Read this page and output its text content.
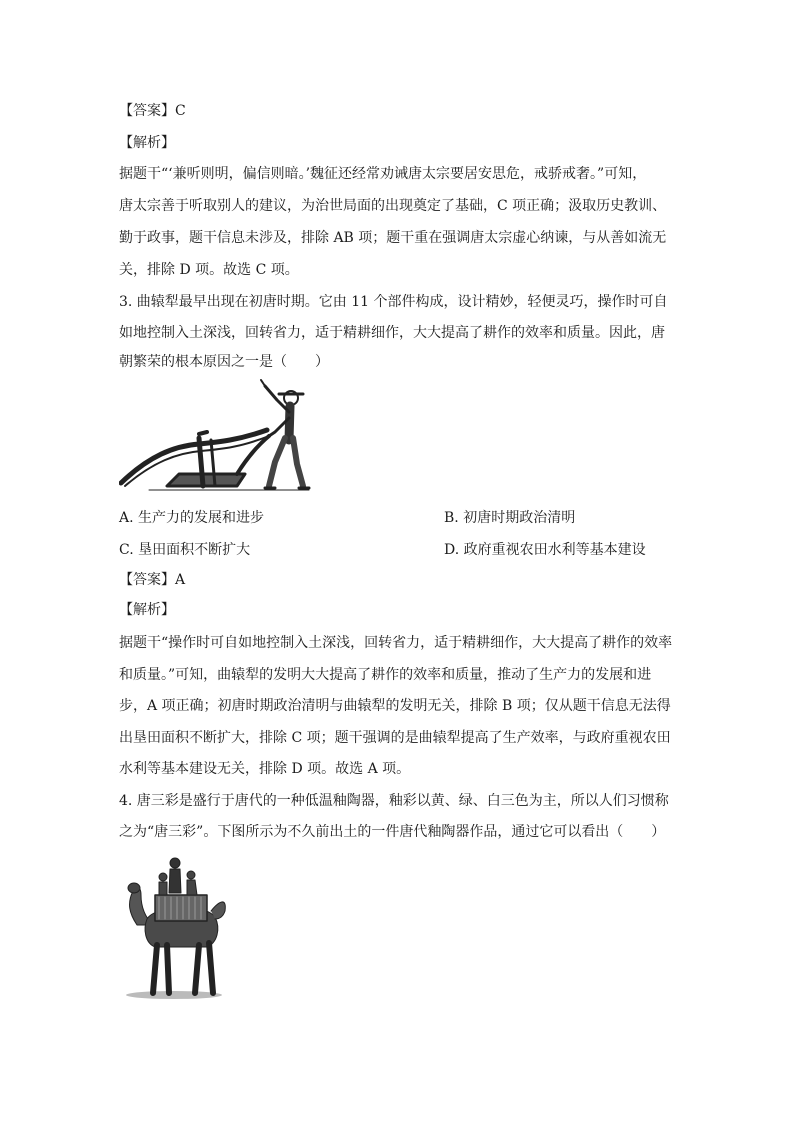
【答案】C
【解析】
据题干“‘兼听则明，偏信则暗。’魏征还经常劝诫唐太宗要居安思危，戒骄戒奢。”可知，
唐太宗善于听取别人的建议，为治世局面的出现奠定了基础，C 项正确；汲取历史教训、
勤于政事，题干信息未涉及，排除 AB 项；题干重在强调唐太宗虚心纳谏，与从善如流无
关，排除 D 项。故选 C 项。
3. 曲辕犁最早出现在初唐时期。它由 11 个部件构成，设计精妙，轻便灵巧，操作时可自
如地控制入土深浅，回转省力，适于精耕细作，大大提高了耕作的效率和质量。因此，唐
朝繁荣的根本原因之一是（　　）
A. 生产力的发展和进步	B. 初唐时期政治清明
C. 垦田面积不断扩大	D. 政府重视农田水利等基本建设
【答案】A
【解析】
据题干“操作时可自如地控制入土深浅，回转省力，适于精耕细作，大大提高了耕作的效率
和质量。”可知，曲辕犁的发明大大提高了耕作的效率和质量，推动了生产力的发展和进
步，A 项正确；初唐时期政治清明与曲辕犁的发明无关，排除 B 项；仅从题干信息无法得
出垦田面积不断扩大，排除 C 项；题干强调的是曲辕犁提高了生产效率，与政府重视农田
水利等基本建设无关，排除 D 项。故选 A 项。
4. 唐三彩是盛行于唐代的一种低温釉陶器，釉彩以黄、绿、白三色为主，所以人们习惯称
之为“唐三彩”。下图所示为不久前出土的一件唐代釉陶器作品，通过它可以看出（　　）
